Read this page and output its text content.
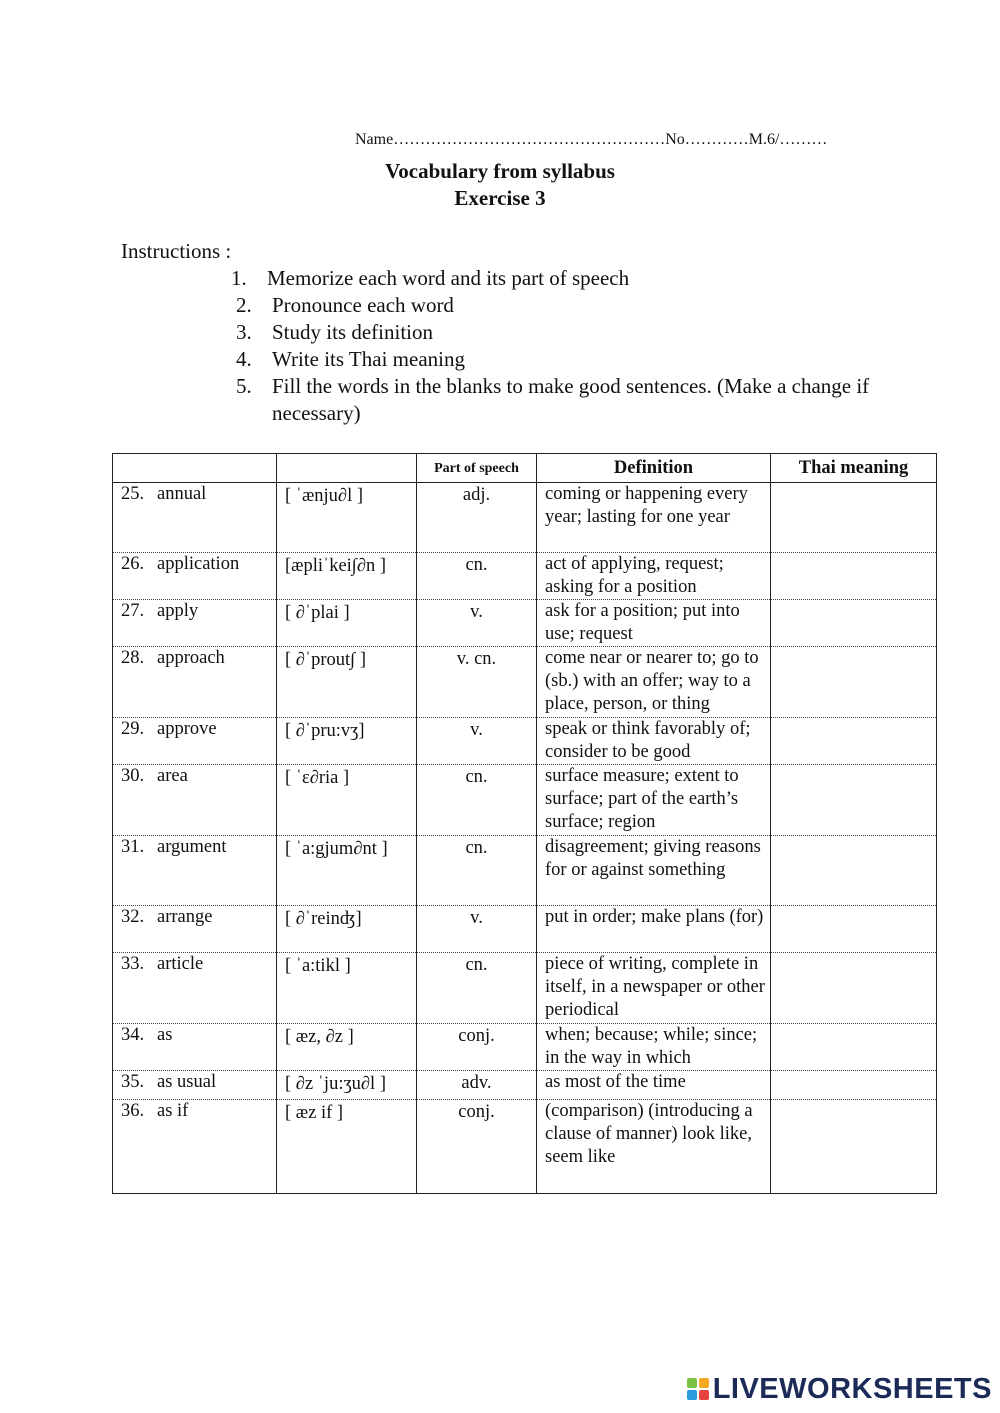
Name……………………………………………No…………M.6/………
Vocabulary from syllabus
Exercise 3
Instructions :
1. Memorize each word and its part of speech
2. Pronounce each word
3. Study its definition
4. Write its Thai meaning
5. Fill the words in the blanks to make good sentences. (Make a change if necessary)
		Part of speech	Definition	Thai meaning
25. annual	[ ˈænju∂l ]	adj.	coming or happening every year; lasting for one year	
26. application	[æpliˈkei∫∂n ]	cn.	act of applying, request; asking for a position	
27. apply	[ ∂ˈplai ]	v.	ask for a position; put into use; request	
28. approach	[ ∂ˈprout∫ ]	v. cn.	come near or nearer to; go to (sb.) with an offer; way to a place, person, or thing	
29. approve	[ ∂ˈpru:vʒ]	v.	speak or think favorably of; consider to be good	
30. area	[ ˈɛ∂ria ]	cn.	surface measure; extent to surface; part of the earth’s surface; region	
31. argument	[ ˈa:gjum∂nt ]	cn.	disagreement; giving reasons for or against something	
32. arrange	[ ∂ˈreinʤ]	v.	put in order; make plans (for)	
33. article	[ ˈa:tikl ]	cn.	piece of writing, complete in itself, in a newspaper or other periodical	
34. as	[ æz, ∂z ]	conj.	when; because; while; since; in the way in which	
35. as usual	[ ∂z ˈju:ʒu∂l ]	adv.	as most of the time	
36. as if	[ æz if ]	conj.	(comparison) (introducing a clause of manner) look like, seem like	
LIVEWORKSHEETS
